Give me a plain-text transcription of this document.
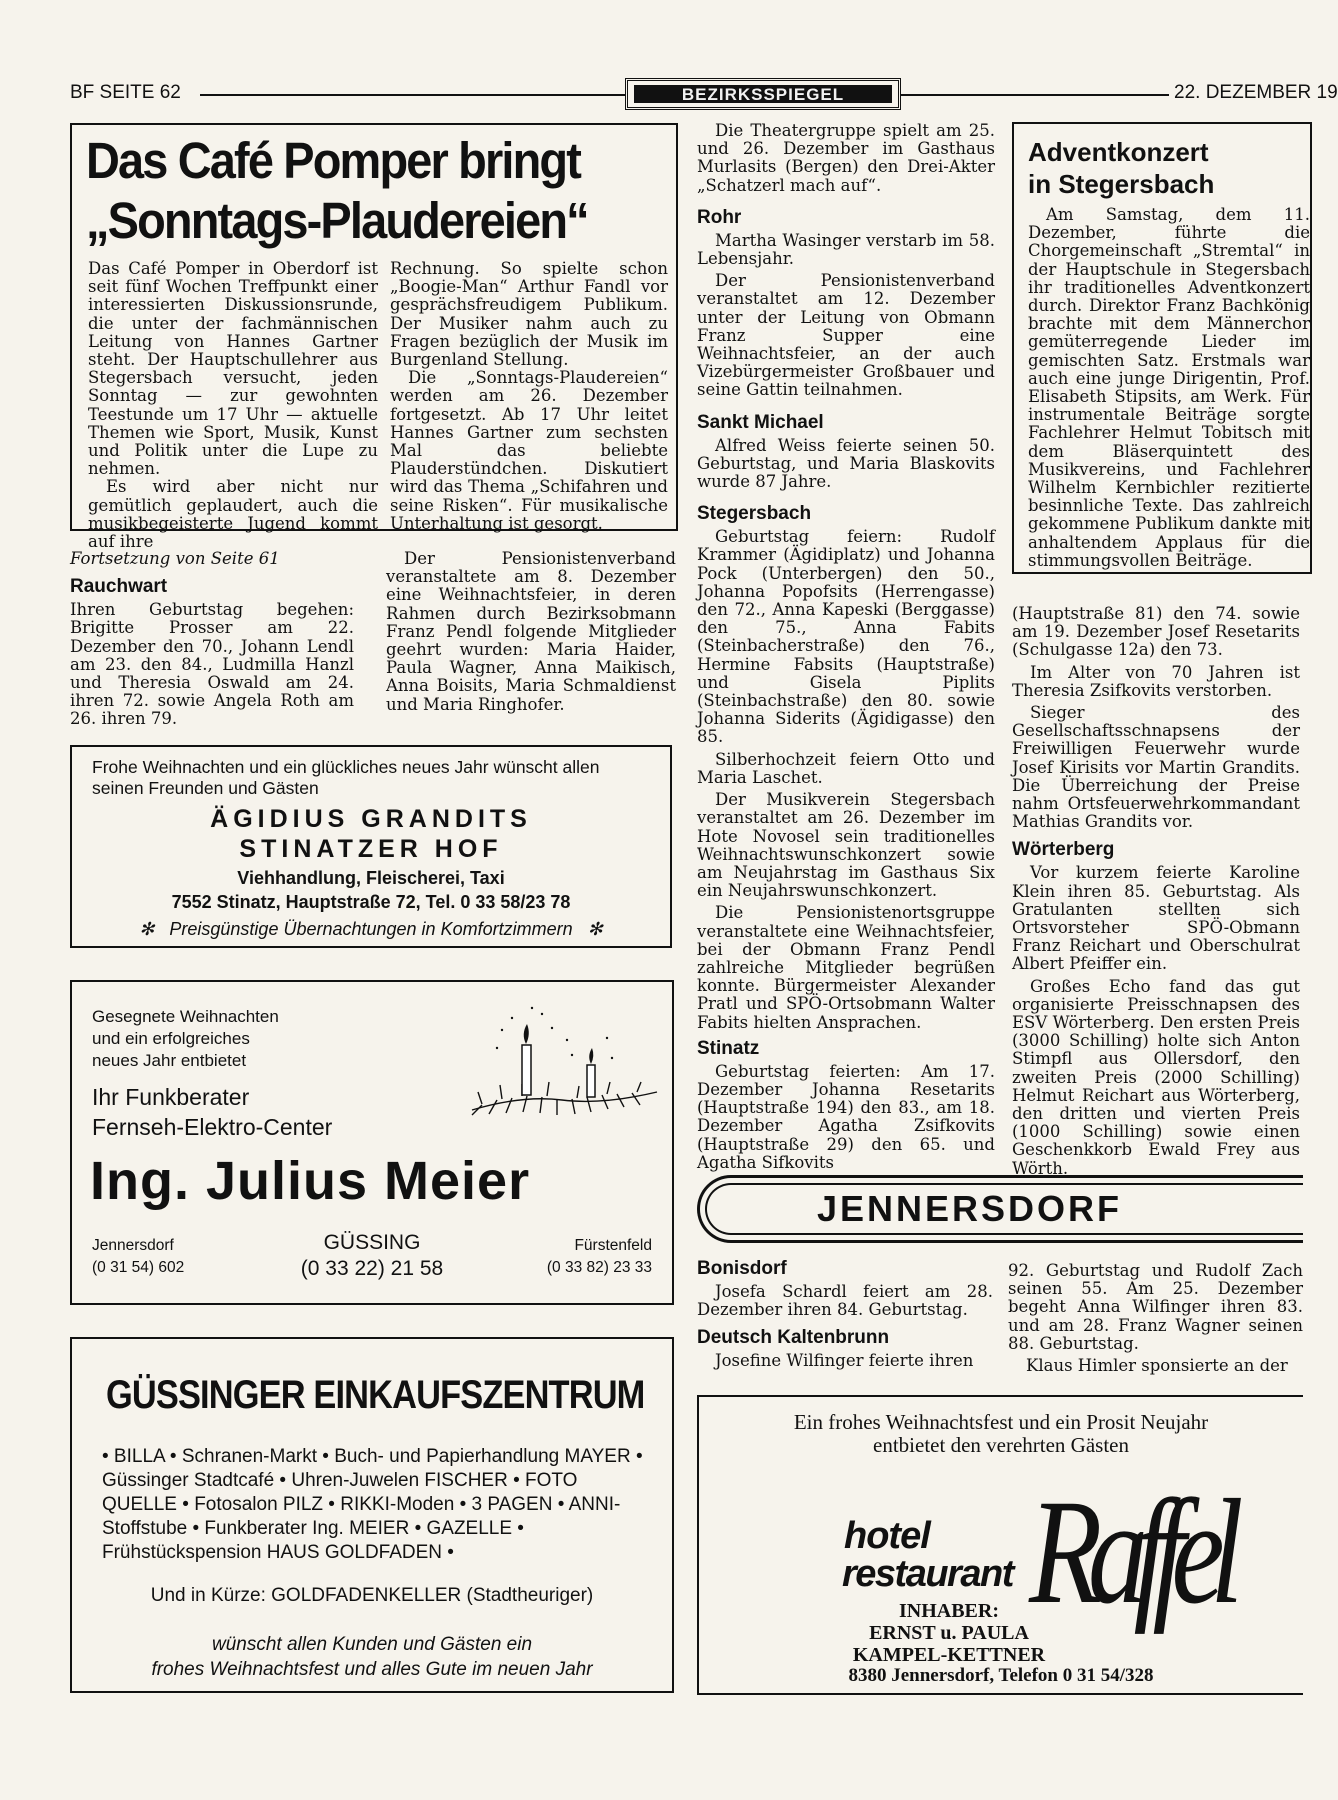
BF SEITE 62	BEZIRKSSPIEGEL	22. DEZEMBER 19
Das Café Pomper bringt
„Sonntags-Plaudereien“

Das Café Pomper in Oberdorf ist seit fünf Wochen Treffpunkt einer interessierten Diskussionsrunde, die unter der fachmännischen Leitung von Hannes Gartner steht. Der Hauptschullehrer aus Stegersbach versucht, jeden Sonntag — zur gewohnten Teestunde um 17 Uhr — aktuelle Themen wie Sport, Musik, Kunst und Politik unter die Lupe zu nehmen.

Es wird aber nicht nur gemütlich geplaudert, auch die musikbegeisterte Jugend kommt auf ihre

Rechnung. So spielte schon „Boogie-Man“ Arthur Fandl vor gesprächsfreudigem Publikum. Der Musiker nahm auch zu Fragen bezüglich der Musik im Burgenland Stellung.

Die „Sonntags-Plaudereien“ werden am 26. Dezember fortgesetzt. Ab 17 Uhr leitet Hannes Gartner zum sechsten Mal das beliebte Plauderstündchen. Diskutiert wird das Thema „Schifahren und seine Risken“. Für musikalische Unterhaltung ist gesorgt.

Fortsetzung von Seite 61

Rauchwart

Ihren Geburtstag begehen: Brigitte Prosser am 22. Dezember den 70., Johann Lendl am 23. den 84., Ludmilla Hanzl und Theresia Oswald am 24. ihren 72. sowie Angela Roth am 26. ihren 79.

Der Pensionistenverband veranstaltete am 8. Dezember eine Weihnachtsfeier, in deren Rahmen durch Bezirksobmann Franz Pendl folgende Mitglieder geehrt wurden: Maria Haider, Paula Wagner, Anna Maikisch, Anna Boisits, Maria Schmaldienst und Maria Ringhofer.

Frohe Weihnachten und ein glückliches neues Jahr wünscht allen seinen Freunden und Gästen
ÄGIDIUS GRANDITS
STINATZER HOF
Viehhandlung, Fleischerei, Taxi
7552 Stinatz, Hauptstraße 72, Tel. 0 33 58/23 78
✻ Preisgünstige Übernachtungen in Komfortzimmern ✻
Gesegnete Weihnachten
und ein erfolgreiches
neues Jahr entbietet
Ihr Funkberater
Fernseh-Elektro-Center
Ing. Julius Meier
Jennersdorf
(0 31 54) 602
GÜSSING
(0 33 22) 21 58
Fürstenfeld
(0 33 82) 23 33
GÜSSINGER EINKAUFSZENTRUM
• BILLA • Schranen-Markt • Buch- und Papierhandlung MAYER • Güssinger Stadtcafé • Uhren-Juwelen FISCHER • FOTO QUELLE • Fotosalon PILZ • RIKKI-Moden • 3 PAGEN • ANNI-Stoffstube • Funkberater Ing. MEIER • GAZELLE • Frühstückspension HAUS GOLDFADEN •
Und in Kürze: GOLDFADENKELLER (Stadtheuriger)
wünscht allen Kunden und Gästen ein
frohes Weihnachtsfest und alles Gute im neuen Jahr

Die Theatergruppe spielt am 25. und 26. Dezember im Gasthaus Murlasits (Bergen) den Drei-Akter „Schatzerl mach auf“.

Rohr

Martha Wasinger verstarb im 58. Lebensjahr.

Der Pensionistenverband veranstaltet am 12. Dezember unter der Leitung von Obmann Franz Supper eine Weihnachtsfeier, an der auch Vizebürgermeister Großbauer und seine Gattin teilnahmen.

Sankt Michael

Alfred Weiss feierte seinen 50. Geburtstag, und Maria Blaskovits wurde 87 Jahre.

Stegersbach

Geburtstag feiern: Rudolf Krammer (Ägidiplatz) und Johanna Pock (Unterbergen) den 50., Johanna Popofsits (Herrengasse) den 72., Anna Kapeski (Berggasse) den 75., Anna Fabits (Steinbacherstraße) den 76., Hermine Fabsits (Hauptstraße) und Gisela Piplits (Steinbachstraße) den 80. sowie Johanna Siderits (Ägidigasse) den 85.

Silberhochzeit feiern Otto und Maria Laschet.

Der Musikverein Stegersbach veranstaltet am 26. Dezember im Hote Novosel sein traditionelles Weihnachtswunschkonzert sowie am Neujahrstag im Gasthaus Six ein Neujahrswunschkonzert.

Die Pensionistenortsgruppe veranstaltete eine Weihnachtsfeier, bei der Obmann Franz Pendl zahlreiche Mitglieder begrüßen konnte. Bürgermeister Alexander Pratl und SPÖ-Ortsobmann Walter Fabits hielten Ansprachen.

Stinatz

Geburtstag feierten: Am 17. Dezember Johanna Resetarits (Hauptstraße 194) den 83., am 18. Dezember Agatha Zsifkovits (Hauptstraße 29) den 65. und Agatha Sifkovits

Adventkonzert
in Stegersbach

Am Samstag, dem 11. Dezember, führte die Chorgemeinschaft „Stremtal“ in der Hauptschule in Stegersbach ihr traditionelles Adventkonzert durch. Direktor Franz Bachkönig brachte mit dem Männerchor gemüterregende Lieder im gemischten Satz. Erstmals war auch eine junge Dirigentin, Prof. Elisabeth Stipsits, am Werk. Für instrumentale Beiträge sorgte Fachlehrer Helmut Tobitsch mit dem Bläserquintett des Musikvereins, und Fachlehrer Wilhelm Kernbichler rezitierte besinnliche Texte. Das zahlreich gekommene Publikum dankte mit anhaltendem Applaus für die stimmungsvollen Beiträge.

(Hauptstraße 81) den 74. sowie am 19. Dezember Josef Resetarits (Schulgasse 12a) den 73.

Im Alter von 70 Jahren ist Theresia Zsifkovits verstorben.

Sieger des Gesellschaftsschnapsens der Freiwilligen Feuerwehr wurde Josef Kirisits vor Martin Grandits. Die Überreichung der Preise nahm Ortsfeuerwehrkommandant Mathias Grandits vor.

Wörterberg

Vor kurzem feierte Karoline Klein ihren 85. Geburtstag. Als Gratulanten stellten sich Ortsvorsteher SPÖ-Obmann Franz Reichart und Oberschulrat Albert Pfeiffer ein.

Großes Echo fand das gut organisierte Preisschnapsen des ESV Wörterberg. Den ersten Preis (3000 Schilling) holte sich Anton Stimpfl aus Ollersdorf, den zweiten Preis (2000 Schilling) Helmut Reichart aus Wörterberg, den dritten und vierten Preis (1000 Schilling) sowie einen Geschenkkorb Ewald Frey aus Wörth.

JENNERSDORF
Bonisdorf

Josefa Schardl feiert am 28. Dezember ihren 84. Geburtstag.

Deutsch Kaltenbrunn

Josefine Wilfinger feierte ihren

92. Geburtstag und Rudolf Zach seinen 55. Am 25. Dezember begeht Anna Wilfinger ihren 83. und am 28. Franz Wagner seinen 88. Geburtstag.

Klaus Himler sponsierte an der

Ein frohes Weihnachtsfest und ein Prosit Neujahr
entbietet den verehrten Gästen
hotel
restaurant Raffel
INHABER:
ERNST u. PAULA
KAMPEL-KETTNER
8380 Jennersdorf, Telefon 0 31 54/328
